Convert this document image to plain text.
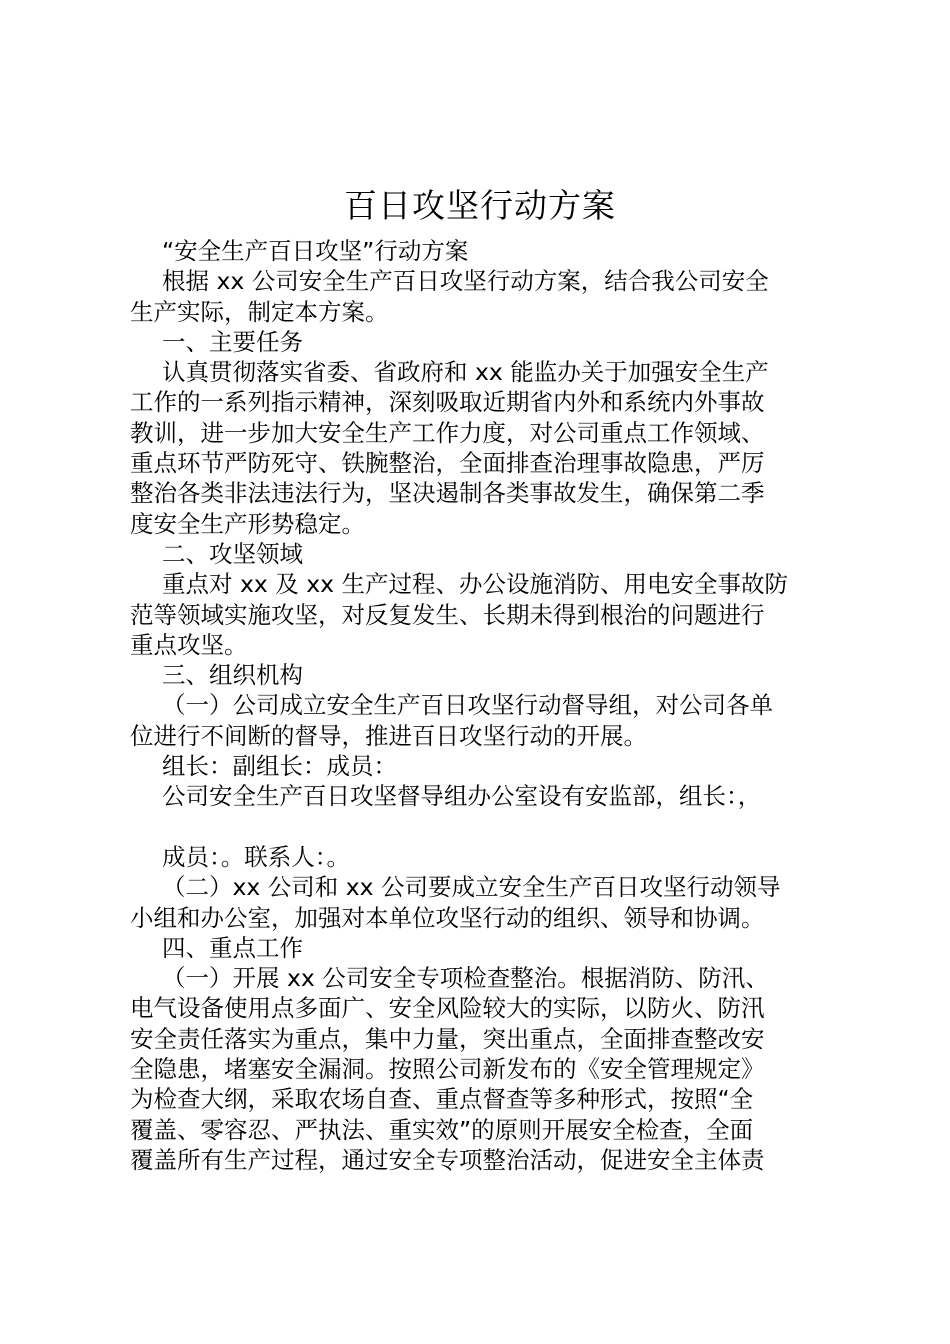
百日攻坚行动方案
“安全生产百日攻坚”行动方案
根据 xx 公司安全生产百日攻坚行动方案，结合我公司安全
生产实际，制定本方案。
一、主要任务
认真贯彻落实省委、省政府和 xx 能监办关于加强安全生产
工作的一系列指示精神，深刻吸取近期省内外和系统内外事故
教训，进一步加大安全生产工作力度，对公司重点工作领域、
重点环节严防死守、铁腕整治，全面排查治理事故隐患，严厉
整治各类非法违法行为，坚决遏制各类事故发生，确保第二季
度安全生产形势稳定。
二、攻坚领域
重点对 xx 及 xx 生产过程、办公设施消防、用电安全事故防
范等领域实施攻坚，对反复发生、长期未得到根治的问题进行
重点攻坚。
三、组织机构
（一）公司成立安全生产百日攻坚行动督导组，对公司各单
位进行不间断的督导，推进百日攻坚行动的开展。
组长：副组长：成员：
公司安全生产百日攻坚督导组办公室设有安监部，组长：，
成员：。联系人：。
（二）xx 公司和 xx 公司要成立安全生产百日攻坚行动领导
小组和办公室，加强对本单位攻坚行动的组织、领导和协调。
四、重点工作
（一）开展 xx 公司安全专项检查整治。根据消防、防汛、
电气设备使用点多面广、安全风险较大的实际，以防火、防汛
安全责任落实为重点，集中力量，突出重点，全面排查整改安
全隐患，堵塞安全漏洞。按照公司新发布的《安全管理规定》
为检查大纲，采取农场自查、重点督查等多种形式，按照“全
覆盖、零容忍、严执法、重实效”的原则开展安全检查，全面
覆盖所有生产过程，通过安全专项整治活动，促进安全主体责
